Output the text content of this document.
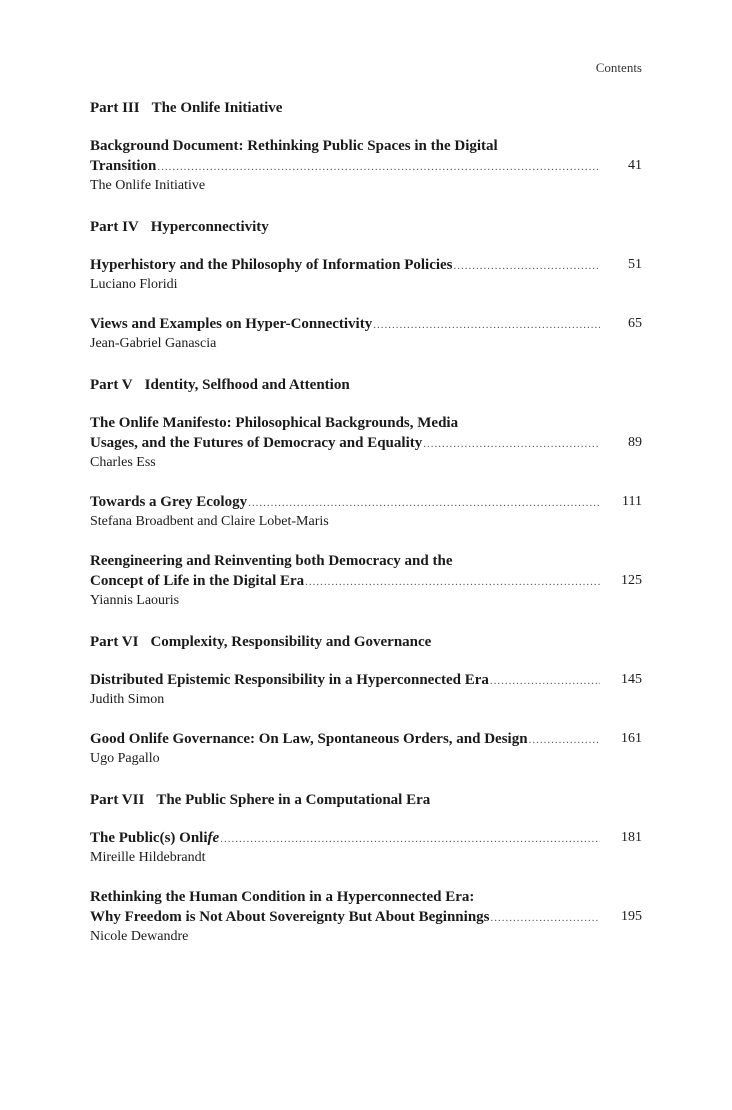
Contents
Part III The Onlife Initiative
Background Document: Rethinking Public Spaces in the Digital
Transition .....	41
The Onlife Initiative
Part IV Hyperconnectivity
Hyperhistory and the Philosophy of Information Policies .....	51
Luciano Floridi
Views and Examples on Hyper-Connectivity .....	65
Jean-Gabriel Ganascia
Part V Identity, Selfhood and Attention
The Onlife Manifesto: Philosophical Backgrounds, Media
Usages, and the Futures of Democracy and Equality .....	89
Charles Ess
Towards a Grey Ecology .....	111
Stefana Broadbent and Claire Lobet-Maris
Reengineering and Reinventing both Democracy and the
Concept of Life in the Digital Era .....	125
Yiannis Laouris
Part VI Complexity, Responsibility and Governance
Distributed Epistemic Responsibility in a Hyperconnected Era .....	145
Judith Simon
Good Onlife Governance: On Law, Spontaneous Orders, and Design .....	161
Ugo Pagallo
Part VII The Public Sphere in a Computational Era
The Public(s) Onlife .....	181
Mireille Hildebrandt
Rethinking the Human Condition in a Hyperconnected Era:
Why Freedom is Not About Sovereignty But About Beginnings .....	195
Nicole Dewandre
